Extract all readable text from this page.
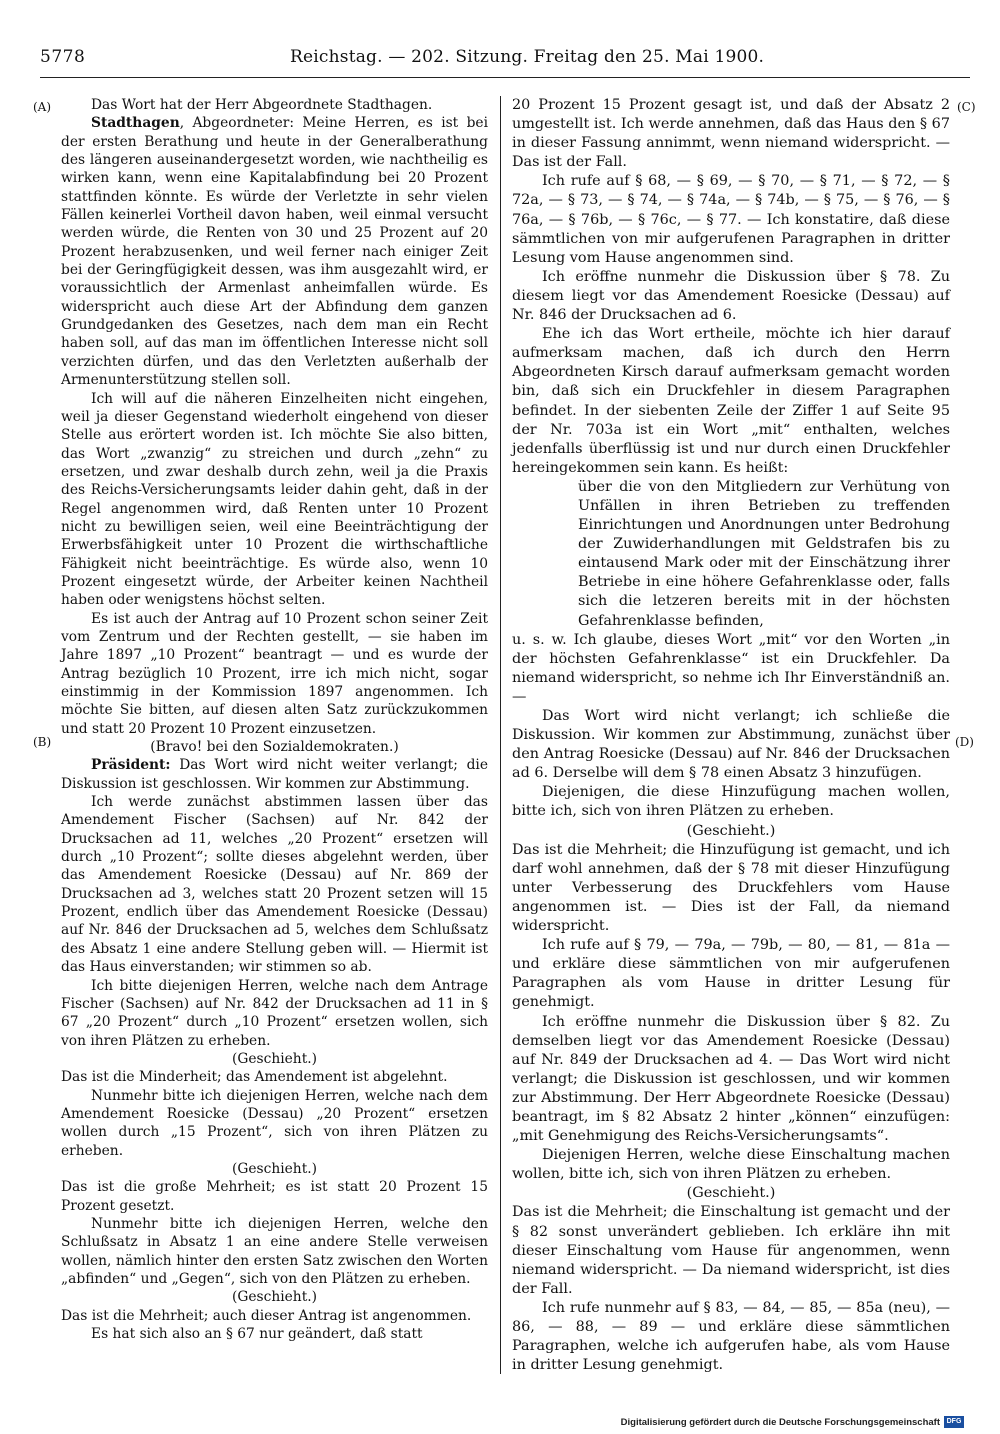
5778	Reichstag. — 202. Sitzung. Freitag den 25. Mai 1900.
(A)
(B)
(C)
(D)

Das Wort hat der Herr Abgeordnete Stadthagen.

Stadthagen, Abgeordneter: Meine Herren, es ist bei der ersten Berathung und heute in der Generalberathung des längeren auseinandergesetzt worden, wie nachtheilig es wirken kann, wenn eine Kapitalabfindung bei 20 Prozent stattfinden könnte. Es würde der Verletzte in sehr vielen Fällen keinerlei Vortheil davon haben, weil einmal versucht werden würde, die Renten von 30 und 25 Prozent auf 20 Prozent herabzusenken, und weil ferner nach einiger Zeit bei der Geringfügigkeit dessen, was ihm ausgezahlt wird, er voraussichtlich der Armenlast anheimfallen würde. Es widerspricht auch diese Art der Abfindung dem ganzen Grundgedanken des Gesetzes, nach dem man ein Recht haben soll, auf das man im öffentlichen Interesse nicht soll verzichten dürfen, und das den Verletzten außerhalb der Armenunterstützung stellen soll.

Ich will auf die näheren Einzelheiten nicht eingehen, weil ja dieser Gegenstand wiederholt eingehend von dieser Stelle aus erörtert worden ist. Ich möchte Sie also bitten, das Wort „zwanzig“ zu streichen und durch „zehn“ zu ersetzen, und zwar deshalb durch zehn, weil ja die Praxis des Reichs-Versicherungsamts leider dahin geht, daß in der Regel angenommen wird, daß Renten unter 10 Prozent nicht zu bewilligen seien, weil eine Beeinträchtigung der Erwerbsfähigkeit unter 10 Prozent die wirthschaftliche Fähigkeit nicht beeinträchtige. Es würde also, wenn 10 Prozent eingesetzt würde, der Arbeiter keinen Nachtheil haben oder wenigstens höchst selten.

Es ist auch der Antrag auf 10 Prozent schon seiner Zeit vom Zentrum und der Rechten gestellt, — sie haben im Jahre 1897 „10 Prozent“ beantragt — und es wurde der Antrag bezüglich 10 Prozent, irre ich mich nicht, sogar einstimmig in der Kommission 1897 angenommen. Ich möchte Sie bitten, auf diesen alten Satz zurückzukommen und statt 20 Prozent 10 Prozent einzusetzen.

(Bravo! bei den Sozialdemokraten.)

Präsident: Das Wort wird nicht weiter verlangt; die Diskussion ist geschlossen. Wir kommen zur Abstimmung.

Ich werde zunächst abstimmen lassen über das Amendement Fischer (Sachsen) auf Nr. 842 der Drucksachen ad 11, welches „20 Prozent“ ersetzen will durch „10 Prozent“; sollte dieses abgelehnt werden, über das Amendement Roesicke (Dessau) auf Nr. 869 der Drucksachen ad 3, welches statt 20 Prozent setzen will 15 Prozent, endlich über das Amendement Roesicke (Dessau) auf Nr. 846 der Drucksachen ad 5, welches dem Schlußsatz des Absatz 1 eine andere Stellung geben will. — Hiermit ist das Haus einverstanden; wir stimmen so ab.

Ich bitte diejenigen Herren, welche nach dem Antrage Fischer (Sachsen) auf Nr. 842 der Drucksachen ad 11 in § 67 „20 Prozent“ durch „10 Prozent“ ersetzen wollen, sich von ihren Plätzen zu erheben.

(Geschieht.)

Das ist die Minderheit; das Amendement ist abgelehnt.

Nunmehr bitte ich diejenigen Herren, welche nach dem Amendement Roesicke (Dessau) „20 Prozent“ ersetzen wollen durch „15 Prozent“, sich von ihren Plätzen zu erheben.

(Geschieht.)

Das ist die große Mehrheit; es ist statt 20 Prozent 15 Prozent gesetzt.

Nunmehr bitte ich diejenigen Herren, welche den Schlußsatz in Absatz 1 an eine andere Stelle verweisen wollen, nämlich hinter den ersten Satz zwischen den Worten „abfinden“ und „Gegen“, sich von den Plätzen zu erheben.

(Geschieht.)

Das ist die Mehrheit; auch dieser Antrag ist angenommen.

Es hat sich also an § 67 nur geändert, daß statt

20 Prozent 15 Prozent gesagt ist, und daß der Absatz 2 umgestellt ist. Ich werde annehmen, daß das Haus den § 67 in dieser Fassung annimmt, wenn niemand widerspricht. — Das ist der Fall.

Ich rufe auf § 68, — § 69, — § 70, — § 71, — § 72, — § 72a, — § 73, — § 74, — § 74a, — § 74b, — § 75, — § 76, — § 76a, — § 76b, — § 76c, — § 77. — Ich konstatire, daß diese sämmtlichen von mir aufgerufenen Paragraphen in dritter Lesung vom Hause angenommen sind.

Ich eröffne nunmehr die Diskussion über § 78. Zu diesem liegt vor das Amendement Roesicke (Dessau) auf Nr. 846 der Drucksachen ad 6.

Ehe ich das Wort ertheile, möchte ich hier darauf aufmerksam machen, daß ich durch den Herrn Abgeordneten Kirsch darauf aufmerksam gemacht worden bin, daß sich ein Druckfehler in diesem Paragraphen befindet. In der siebenten Zeile der Ziffer 1 auf Seite 95 der Nr. 703a ist ein Wort „mit“ enthalten, welches jedenfalls überflüssig ist und nur durch einen Druckfehler hereingekommen sein kann. Es heißt:

über die von den Mitgliedern zur Verhütung von Unfällen in ihren Betrieben zu treffenden Einrichtungen und Anordnungen unter Bedrohung der Zuwiderhandlungen mit Geldstrafen bis zu eintausend Mark oder mit der Einschätzung ihrer Betriebe in eine höhere Gefahrenklasse oder, falls sich die letzeren bereits mit in der höchsten Gefahrenklasse befinden,

u. s. w. Ich glaube, dieses Wort „mit“ vor den Worten „in der höchsten Gefahrenklasse“ ist ein Druckfehler. Da niemand widerspricht, so nehme ich Ihr Einverständniß an. —

Das Wort wird nicht verlangt; ich schließe die Diskussion. Wir kommen zur Abstimmung, zunächst über den Antrag Roesicke (Dessau) auf Nr. 846 der Drucksachen ad 6. Derselbe will dem § 78 einen Absatz 3 hinzufügen.

Diejenigen, die diese Hinzufügung machen wollen, bitte ich, sich von ihren Plätzen zu erheben.

(Geschieht.)

Das ist die Mehrheit; die Hinzufügung ist gemacht, und ich darf wohl annehmen, daß der § 78 mit dieser Hinzufügung unter Verbesserung des Druckfehlers vom Hause angenommen ist. — Dies ist der Fall, da niemand widerspricht.

Ich rufe auf § 79, — 79a, — 79b, — 80, — 81, — 81a — und erkläre diese sämmtlichen von mir aufgerufenen Paragraphen als vom Hause in dritter Lesung für genehmigt.

Ich eröffne nunmehr die Diskussion über § 82. Zu demselben liegt vor das Amendement Roesicke (Dessau) auf Nr. 849 der Drucksachen ad 4. — Das Wort wird nicht verlangt; die Diskussion ist geschlossen, und wir kommen zur Abstimmung. Der Herr Abgeordnete Roesicke (Dessau) beantragt, im § 82 Absatz 2 hinter „können“ einzufügen: „mit Genehmigung des Reichs-Versicherungsamts“.

Diejenigen Herren, welche diese Einschaltung machen wollen, bitte ich, sich von ihren Plätzen zu erheben.

(Geschieht.)

Das ist die Mehrheit; die Einschaltung ist gemacht und der § 82 sonst unverändert geblieben. Ich erkläre ihn mit dieser Einschaltung vom Hause für angenommen, wenn niemand widerspricht. — Da niemand widerspricht, ist dies der Fall.

Ich rufe nunmehr auf § 83, — 84, — 85, — 85a (neu), — 86, — 88, — 89 — und erkläre diese sämmtlichen Paragraphen, welche ich aufgerufen habe, als vom Hause in dritter Lesung genehmigt.

Digitalisierung gefördert durch die Deutsche Forschungsgemeinschaft DFG
